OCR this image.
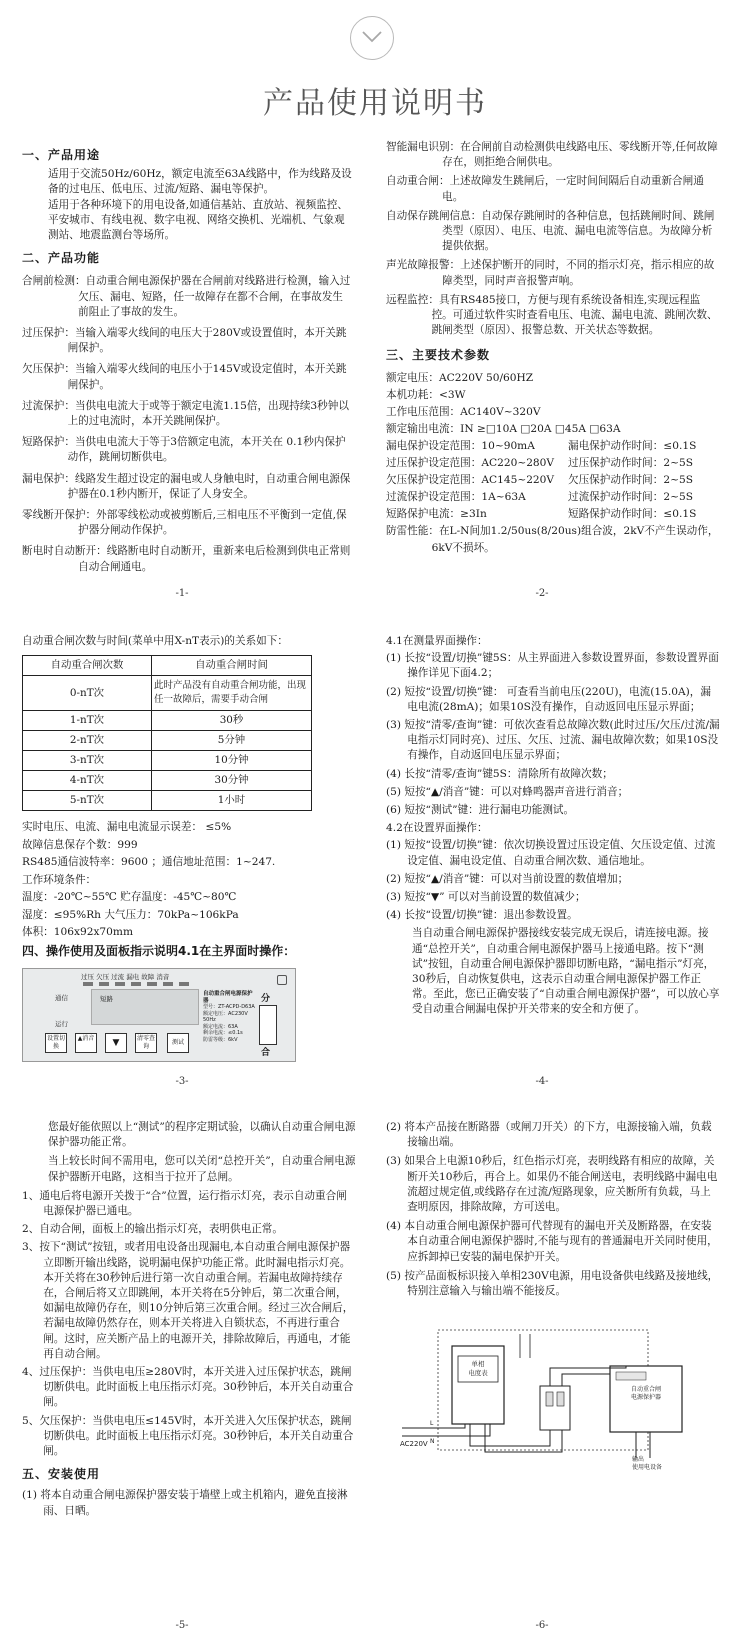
产品使用说明书

一、产品用途

适用于交流50Hz/60Hz，额定电流至63A线路中，作为线路及设备的过电压、低电压、过流/短路、漏电等保护。

适用于各种环境下的用电设备,如通信基站、直放站、视频监控、平安城市、有线电视、数字电视、网络交换机、光端机、气象观测站、地震监测台等场所。

二、产品功能

合闸前检测：自动重合闸电源保护器在合闸前对线路进行检测，输入过欠压、漏电、短路，任一故障存在都不合闸，在事故发生前阻止了事故的发生。

过压保护：当输入端零火线间的电压大于280V或设置值时，本开关跳闸保护。

欠压保护：当输入端零火线间的电压小于145V或设定值时，本开关跳闸保护。

过流保护：当供电电流大于或等于额定电流1.15倍，出现持续3秒钟以上的过电流时，本开关跳闸保护。

短路保护：当供电电流大于等于3倍额定电流，本开关在 0.1秒内保护动作，跳闸切断供电。

漏电保护：线路发生超过设定的漏电或人身触电时，自动重合闸电源保护器在0.1秒内断开，保证了人身安全。

零线断开保护：外部零线松动或被剪断后,三相电压不平衡到一定值,保护器分闸动作保护。

断电时自动断开：线路断电时自动断开，重新来电后检测到供电正常则自动合闸通电。

-1-

智能漏电识别：在合闸前自动检测供电线路电压、零线断开等,任何故障存在，则拒绝合闸供电。

自动重合闸：上述故障发生跳闸后，一定时间间隔后自动重新合闸通电。

自动保存跳闸信息：自动保存跳闸时的各种信息，包括跳闸时间、跳闸类型（原因）、电压、电流、漏电电流等信息。为故障分析提供依据。

声光故障报警：上述保护断开的同时，不同的指示灯亮，指示相应的故障类型，同时声音报警声响。

远程监控：具有RS485接口，方便与现有系统设备相连,实现远程监控。可通过软件实时查看电压、电流、漏电电流、跳闸次数、跳闸类型（原因）、报警总数、开关状态等数据。

三、主要技术参数

额定电压：AC220V 50/60HZ

本机功耗：<3W

工作电压范围：AC140V~320V

额定输出电流：IN ≥□10A □20A □45A □63A

漏电保护设定范围：10~90mA	漏电保护动作时间：≤0.1S
过压保护设定范围：AC220~280V	过压保护动作时间：2~5S
欠压保护设定范围：AC145~220V	欠压保护动作时间：2~5S
过流保护设定范围：1A~63A	过流保护动作时间：2~5S
短路保护电流：≥3In	短路保护动作时间：≤0.1S

防雷性能：在L-N间加1.2/50us(8/20us)组合波，2kV不产生误动作，6kV不损坏。

-2-

自动重合闸次数与时间(菜单中用X-nT表示)的关系如下：

自动重合闸次数	自动重合闸时间
0-nT次	此时产品没有自动重合闸功能，出现任一故障后，需要手动合闸
1-nT次	30秒
2-nT次	5分钟
3-nT次	10分钟
4-nT次	30分钟
5-nT次	1小时

实时电压、电流、漏电电流显示误差： ≤5%

故障信息保存个数：999

RS485通信波特率：9600 ；通信地址范围：1~247.

工作环境条件：

温度：-20℃~55℃ 贮存温度：-45℃~80℃

湿度：≤95%Rh 大气压力：70kPa~106kPa

体积：106x92x70mm

四、操作使用及面板指示说明4.1在主界面时操作：

过压 欠压 过流 漏电 故障 消音
通信
运行
短路
自动重合闸电源保护器
型号：ZT-ACPD-D63A
额定电压：AC230V 50Hz
额定电流：63A
剩余电流：≤0.1s
防雷等级：6kV
设置切换
▲消音	▼	清零查询
测试
分
合
-3-

4.1在测量界面操作：

(1) 长按“设置/切换”键5S：从主界面进入参数设置界面，参数设置界面操作详见下面4.2；

(2) 短按“设置/切换”键： 可查看当前电压(220U)，电流(15.0A)，漏电电流(28mA)；如果10S没有操作，自动返回电压显示界面；

(3) 短按“清零/查询”键：可依次查看总故障次数(此时过压/欠压/过流/漏电指示灯同时亮)、过压、欠压、过流、漏电故障次数；如果10S没有操作，自动返回电压显示界面；

(4) 长按“清零/查询”键5S：清除所有故障次数；

(5) 短按“▲/消音”键：可以对蜂鸣器声音进行消音；

(6) 短按“测试”键：进行漏电功能测试。

4.2在设置界面操作：

(1) 短按“设置/切换”键：依次切换设置过压设定值、欠压设定值、过流设定值、漏电设定值、自动重合闸次数、通信地址。

(2) 短按“▲/消音”键：可以对当前设置的数值增加；

(3) 短按“▼” 可以对当前设置的数值减少；

(4) 长按“设置/切换”键：退出参数设置。

当自动重合闸电源保护器接线安装完成无误后，请连接电源。接通“总控开关”，自动重合闸电源保护器马上接通电路。按下“测试”按钮，自动重合闸电源保护器即切断电路，“漏电指示”灯亮，30秒后，自动恢复供电，这表示自动重合闸电源保护器工作正常。至此，您已正确安装了“自动重合闸电源保护器”，可以放心享受自动重合闸漏电保护开关带来的安全和方便了。

-4-

您最好能依照以上“测试”的程序定期试验，以确认自动重合闸电源保护器功能正常。

当上较长时间不需用电，您可以关闭“总控开关”，自动重合闸电源保护器断开电路，这相当于拉开了总闸。

1、通电后将电源开关拨于“合”位置，运行指示灯亮，表示自动重合闸电源保护器已通电。

2、自动合闸，面板上的输出指示灯亮，表明供电正常。

3、按下“测试”按钮，或者用电设备出现漏电,本自动重合闸电源保护器立即断开输出线路，说明漏电保护功能正常。此时漏电指示灯亮。本开关将在30秒钟后进行第一次自动重合闸。若漏电故障持续存在，合闸后将又立即跳闸，本开关将在5分钟后，第二次重合闸，如漏电故障仍存在，则10分钟后第三次重合闸。经过三次合闸后，若漏电故障仍然存在，则本开关将进入自锁状态，不再进行重合闸。这时，应关断产品上的电源开关，排除故障后，再通电，才能再自动合闸。

4、过压保护：当供电电压≥280V时，本开关进入过压保护状态，跳闸切断供电。此时面板上电压指示灯亮。30秒钟后，本开关自动重合闸。

5、欠压保护：当供电电压≤145V时，本开关进入欠压保护状态，跳闸切断供电。此时面板上电压指示灯亮。30秒钟后，本开关自动重合闸。

五、安装使用

(1) 将本自动重合闸电源保护器安装于墙壁上或主机箱内，避免直接淋雨、日晒。

-5-

(2) 将本产品接在断路器（或闸刀开关）的下方，电源接输入端，负载接输出端。

(3) 如果合上电源10秒后，红色指示灯亮，表明线路有相应的故障，关断开关10秒后，再合上。如果仍不能合闸送电，表明线路中漏电电流超过规定值,或线路存在过流/短路现象，应关断所有负载，马上查明原因，排除故障，方可送电。

(4) 本自动重合闸电源保护器可代替现有的漏电开关及断路器，在安装本自动重合闸电源保护器时,不能与现有的普通漏电开关同时使用，应拆卸掉已安装的漏电保护开关。

(5) 按产品面板标识接入单相230V电源，用电设备供电线路及接地线，特别注意输入与输出端不能接反。

单相
电度表
自动重合闸
电源保护器
AC220V
L
N
输出
使用电设备
-6-
